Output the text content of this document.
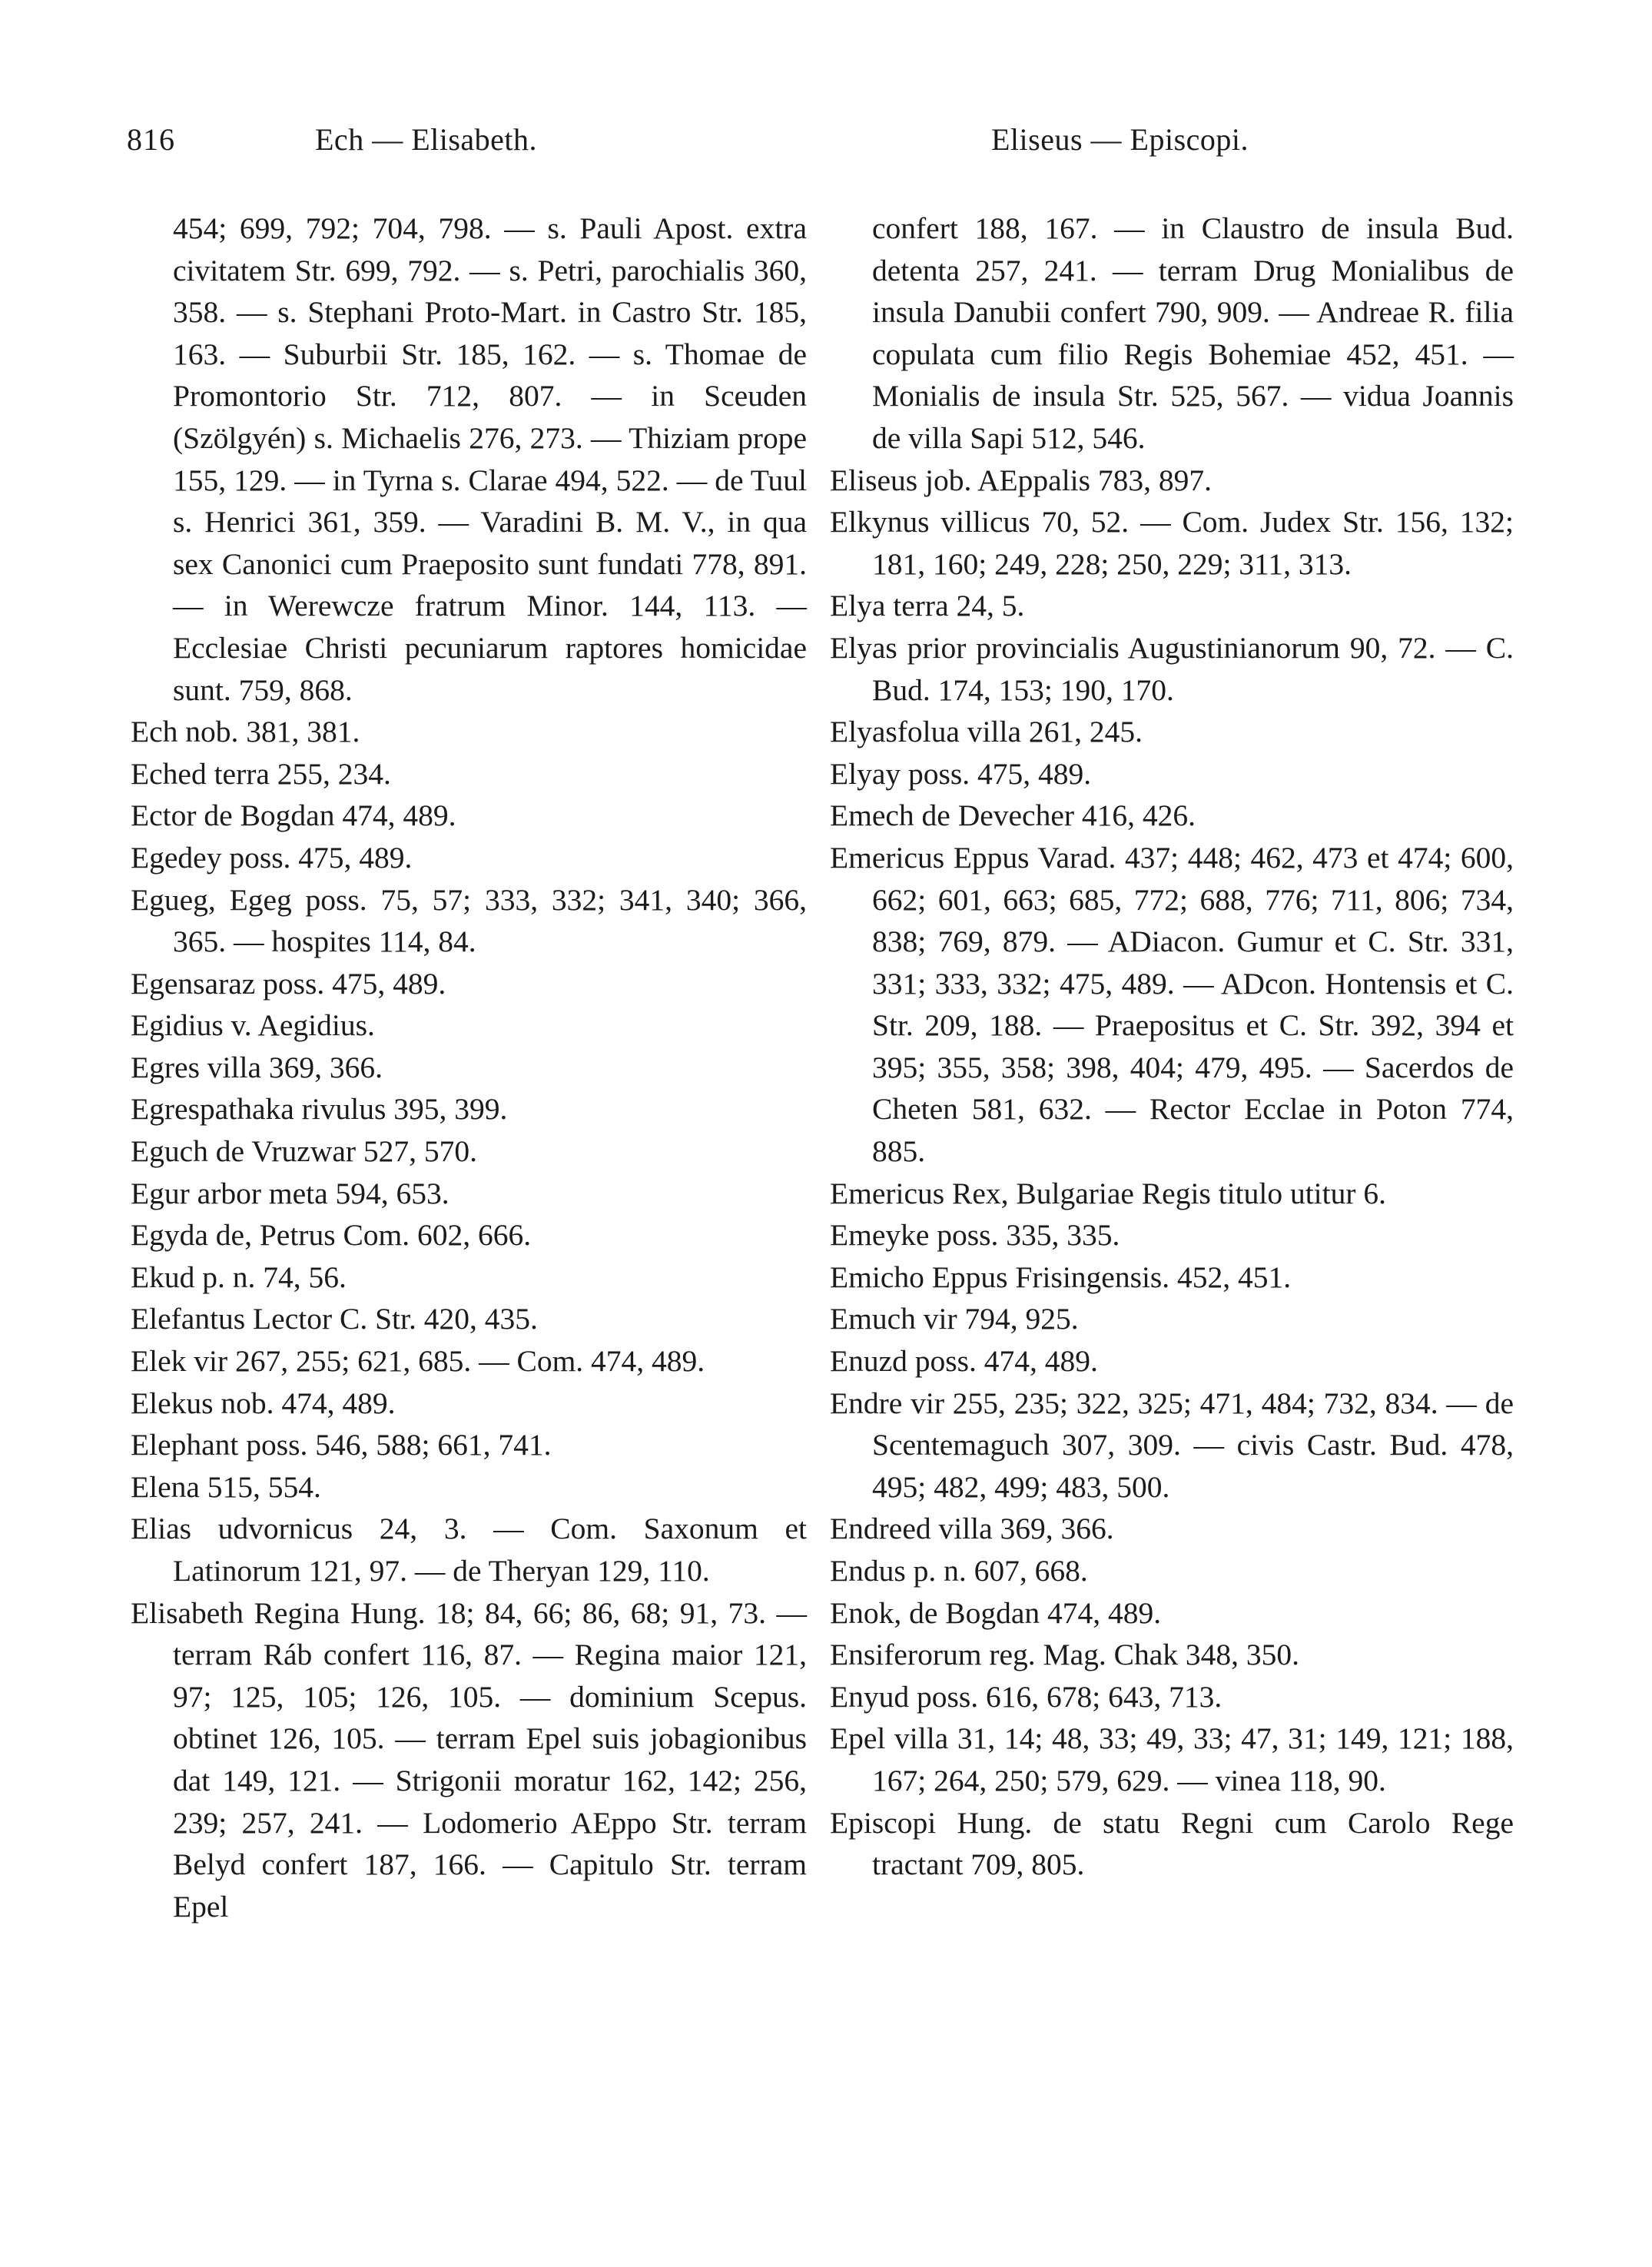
816	Ech — Elisabeth.	Eliseus — Episcopi.

454; 699, 792; 704, 798. — s. Pauli Apost. extra civitatem Str. 699, 792. — s. Petri, parochialis 360, 358. — s. Stephani Proto-Mart. in Castro Str. 185, 163. — Suburbii Str. 185, 162. — s. Thomae de Promontorio Str. 712, 807. — in Sceuden (Szölgyén) s. Michaelis 276, 273. — Thiziam prope 155, 129. — in Tyrna s. Clarae 494, 522. — de Tuul s. Henrici 361, 359. — Varadini B. M. V., in qua sex Canonici cum Praeposito sunt fundati 778, 891. — in Werewcze fratrum Minor. 144, 113. — Ecclesiae Christi pecuniarum raptores homicidae sunt. 759, 868.

Ech nob. 381, 381.

Eched terra 255, 234.

Ector de Bogdan 474, 489.

Egedey poss. 475, 489.

Egueg, Egeg poss. 75, 57; 333, 332; 341, 340; 366, 365. — hospites 114, 84.

Egensaraz poss. 475, 489.

Egidius v. Aegidius.

Egres villa 369, 366.

Egrespathaka rivulus 395, 399.

Eguch de Vruzwar 527, 570.

Egur arbor meta 594, 653.

Egyda de, Petrus Com. 602, 666.

Ekud p. n. 74, 56.

Elefantus Lector C. Str. 420, 435.

Elek vir 267, 255; 621, 685. — Com. 474, 489.

Elekus nob. 474, 489.

Elephant poss. 546, 588; 661, 741.

Elena 515, 554.

Elias udvornicus 24, 3. — Com. Saxonum et Latinorum 121, 97. — de Theryan 129, 110.

Elisabeth Regina Hung. 18; 84, 66; 86, 68; 91, 73. — terram Ráb confert 116, 87. — Regina maior 121, 97; 125, 105; 126, 105. — dominium Scepus. obtinet 126, 105. — terram Epel suis jobagionibus dat 149, 121. — Strigonii moratur 162, 142; 256, 239; 257, 241. — Lodomerio AEppo Str. terram Belyd confert 187, 166. — Capitulo Str. terram Epel

confert 188, 167. — in Claustro de insula Bud. detenta 257, 241. — terram Drug Monialibus de insula Danubii confert 790, 909. — Andreae R. filia copulata cum filio Regis Bohemiae 452, 451. — Monialis de insula Str. 525, 567. — vidua Joannis de villa Sapi 512, 546.

Eliseus job. AEppalis 783, 897.

Elkynus villicus 70, 52. — Com. Judex Str. 156, 132; 181, 160; 249, 228; 250, 229; 311, 313.

Elya terra 24, 5.

Elyas prior provincialis Augustinianorum 90, 72. — C. Bud. 174, 153; 190, 170.

Elyasfolua villa 261, 245.

Elyay poss. 475, 489.

Emech de Devecher 416, 426.

Emericus Eppus Varad. 437; 448; 462, 473 et 474; 600, 662; 601, 663; 685, 772; 688, 776; 711, 806; 734, 838; 769, 879. — ADiacon. Gumur et C. Str. 331, 331; 333, 332; 475, 489. — ADcon. Hontensis et C. Str. 209, 188. — Praepositus et C. Str. 392, 394 et 395; 355, 358; 398, 404; 479, 495. — Sacerdos de Cheten 581, 632. — Rector Ecclae in Poton 774, 885.

Emericus Rex, Bulgariae Regis titulo utitur 6.

Emeyke poss. 335, 335.

Emicho Eppus Frisingensis. 452, 451.

Emuch vir 794, 925.

Enuzd poss. 474, 489.

Endre vir 255, 235; 322, 325; 471, 484; 732, 834. — de Scentemaguch 307, 309. — civis Castr. Bud. 478, 495; 482, 499; 483, 500.

Endreed villa 369, 366.

Endus p. n. 607, 668.

Enok, de Bogdan 474, 489.

Ensiferorum reg. Mag. Chak 348, 350.

Enyud poss. 616, 678; 643, 713.

Epel villa 31, 14; 48, 33; 49, 33; 47, 31; 149, 121; 188, 167; 264, 250; 579, 629. — vinea 118, 90.

Episcopi Hung. de statu Regni cum Carolo Rege tractant 709, 805.
